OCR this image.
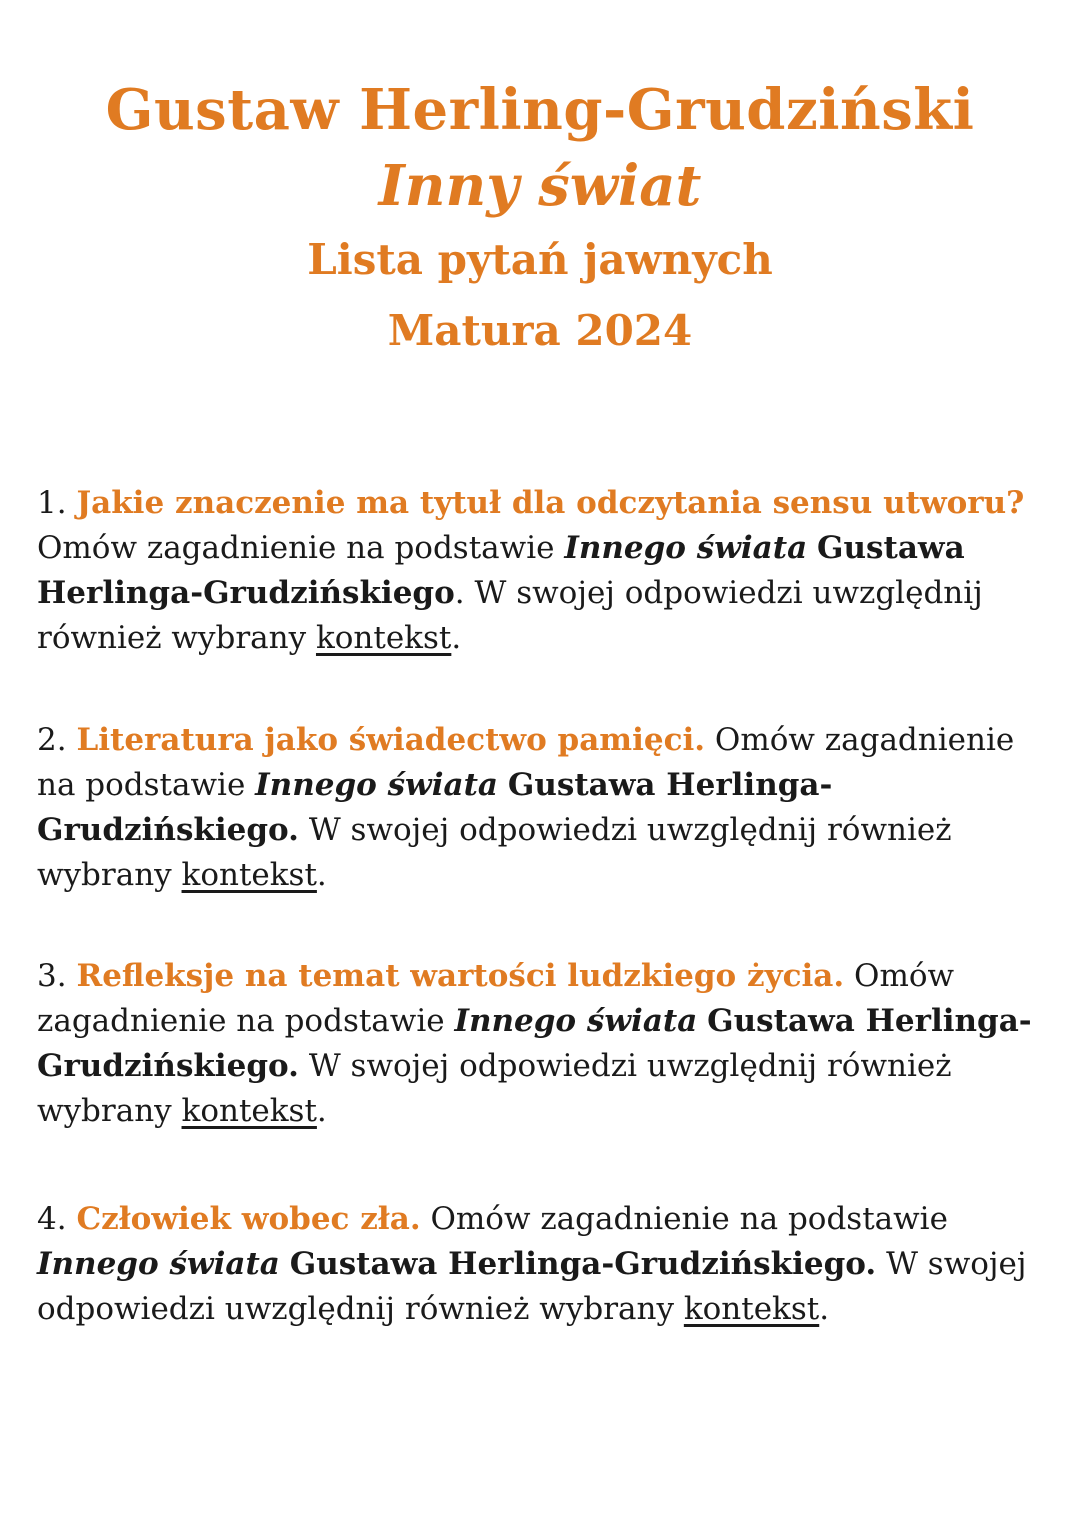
Gustaw Herling-Grudziński
Inny świat
Lista pytań jawnych
Matura 2024
1. Jakie znaczenie ma tytuł dla odczytania sensu utworu?
Omów zagadnienie na podstawie Innego świata Gustawa Herlinga-Grudzińskiego. W swojej odpowiedzi uwzględnij również wybrany kontekst.
2. Literatura jako świadectwo pamięci. Omów zagadnienie na podstawie Innego świata Gustawa Herlinga-Grudzińskiego. W swojej odpowiedzi uwzględnij również wybrany kontekst.
3. Refleksje na temat wartości ludzkiego życia. Omów zagadnienie na podstawie Innego świata Gustawa Herlinga-Grudzińskiego. W swojej odpowiedzi uwzględnij również wybrany kontekst.
4. Człowiek wobec zła. Omów zagadnienie na podstawie Innego świata Gustawa Herlinga-Grudzińskiego. W swojej odpowiedzi uwzględnij również wybrany kontekst.
